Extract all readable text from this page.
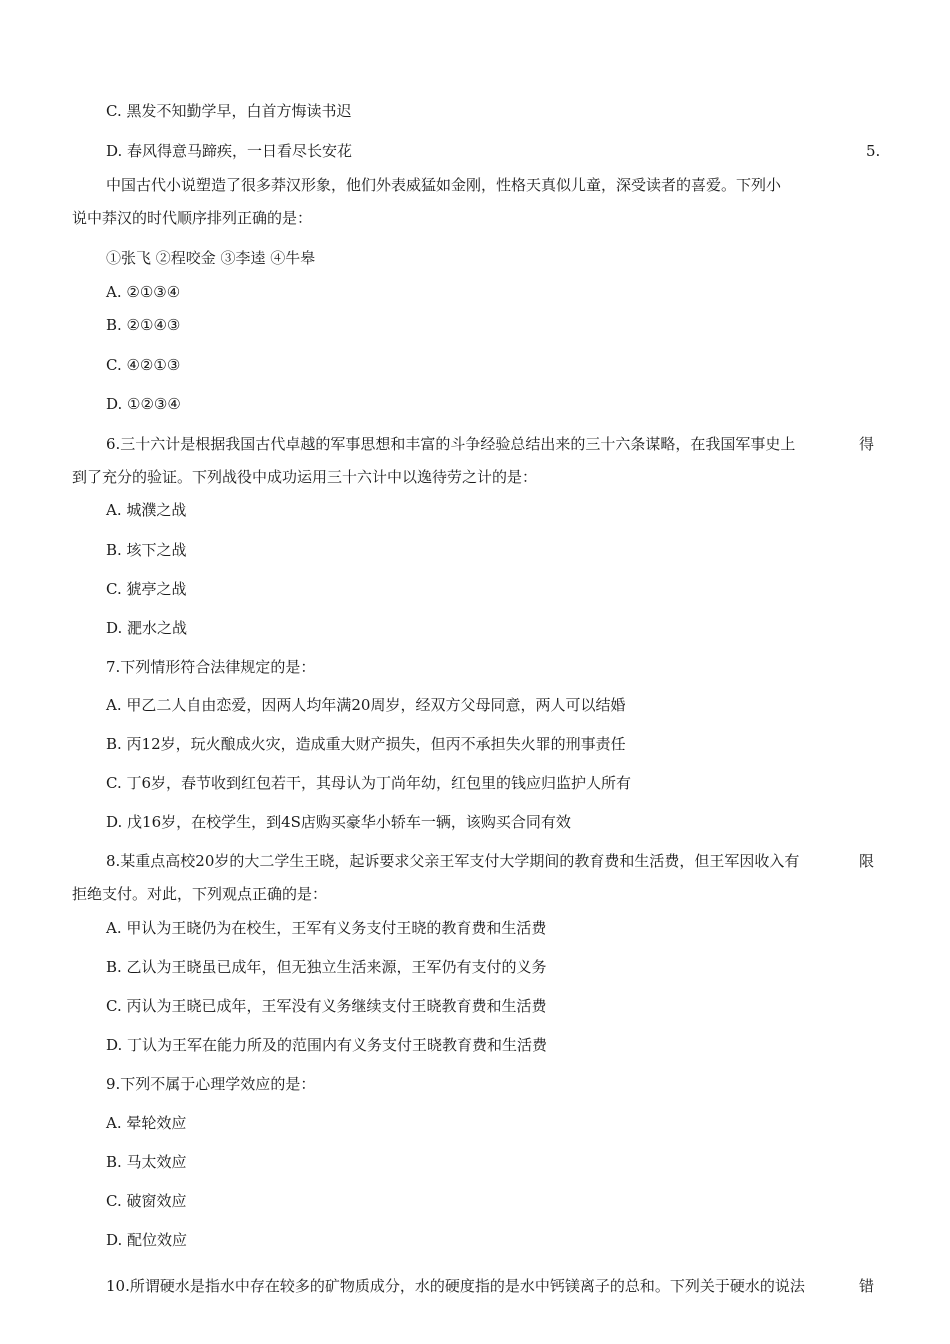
C. 黑发不知勤学早，白首方悔读书迟
D. 春风得意马蹄疾，一日看尽长安花	5.
中国古代小说塑造了很多莽汉形象，他们外表威猛如金刚，性格天真似儿童，深受读者的喜爱。下列小
说中莽汉的时代顺序排列正确的是：
①张飞 ②程咬金 ③李逵 ④牛皋
A. ②①③④
B. ②①④③
C. ④②①③
D. ①②③④
6.三十六计是根据我国古代卓越的军事思想和丰富的斗争经验总结出来的三十六条谋略，在我国军事史上	得
到了充分的验证。下列战役中成功运用三十六计中以逸待劳之计的是：
A. 城濮之战
B. 垓下之战
C. 猇亭之战
D. 淝水之战
7.下列情形符合法律规定的是：
A. 甲乙二人自由恋爱，因两人均年满20周岁，经双方父母同意，两人可以结婚
B. 丙12岁，玩火酿成火灾，造成重大财产损失，但丙不承担失火罪的刑事责任
C. 丁6岁，春节收到红包若干，其母认为丁尚年幼，红包里的钱应归监护人所有
D. 戊16岁，在校学生，到4S店购买豪华小轿车一辆，该购买合同有效
8.某重点高校20岁的大二学生王晓，起诉要求父亲王军支付大学期间的教育费和生活费，但王军因收入有	限
拒绝支付。对此，下列观点正确的是：
A. 甲认为王晓仍为在校生，王军有义务支付王晓的教育费和生活费
B. 乙认为王晓虽已成年，但无独立生活来源，王军仍有支付的义务
C. 丙认为王晓已成年，王军没有义务继续支付王晓教育费和生活费
D. 丁认为王军在能力所及的范围内有义务支付王晓教育费和生活费
9.下列不属于心理学效应的是：
A. 晕轮效应
B. 马太效应
C. 破窗效应
D. 配位效应
10.所谓硬水是指水中存在较多的矿物质成分，水的硬度指的是水中钙镁离子的总和。下列关于硬水的说法	错
